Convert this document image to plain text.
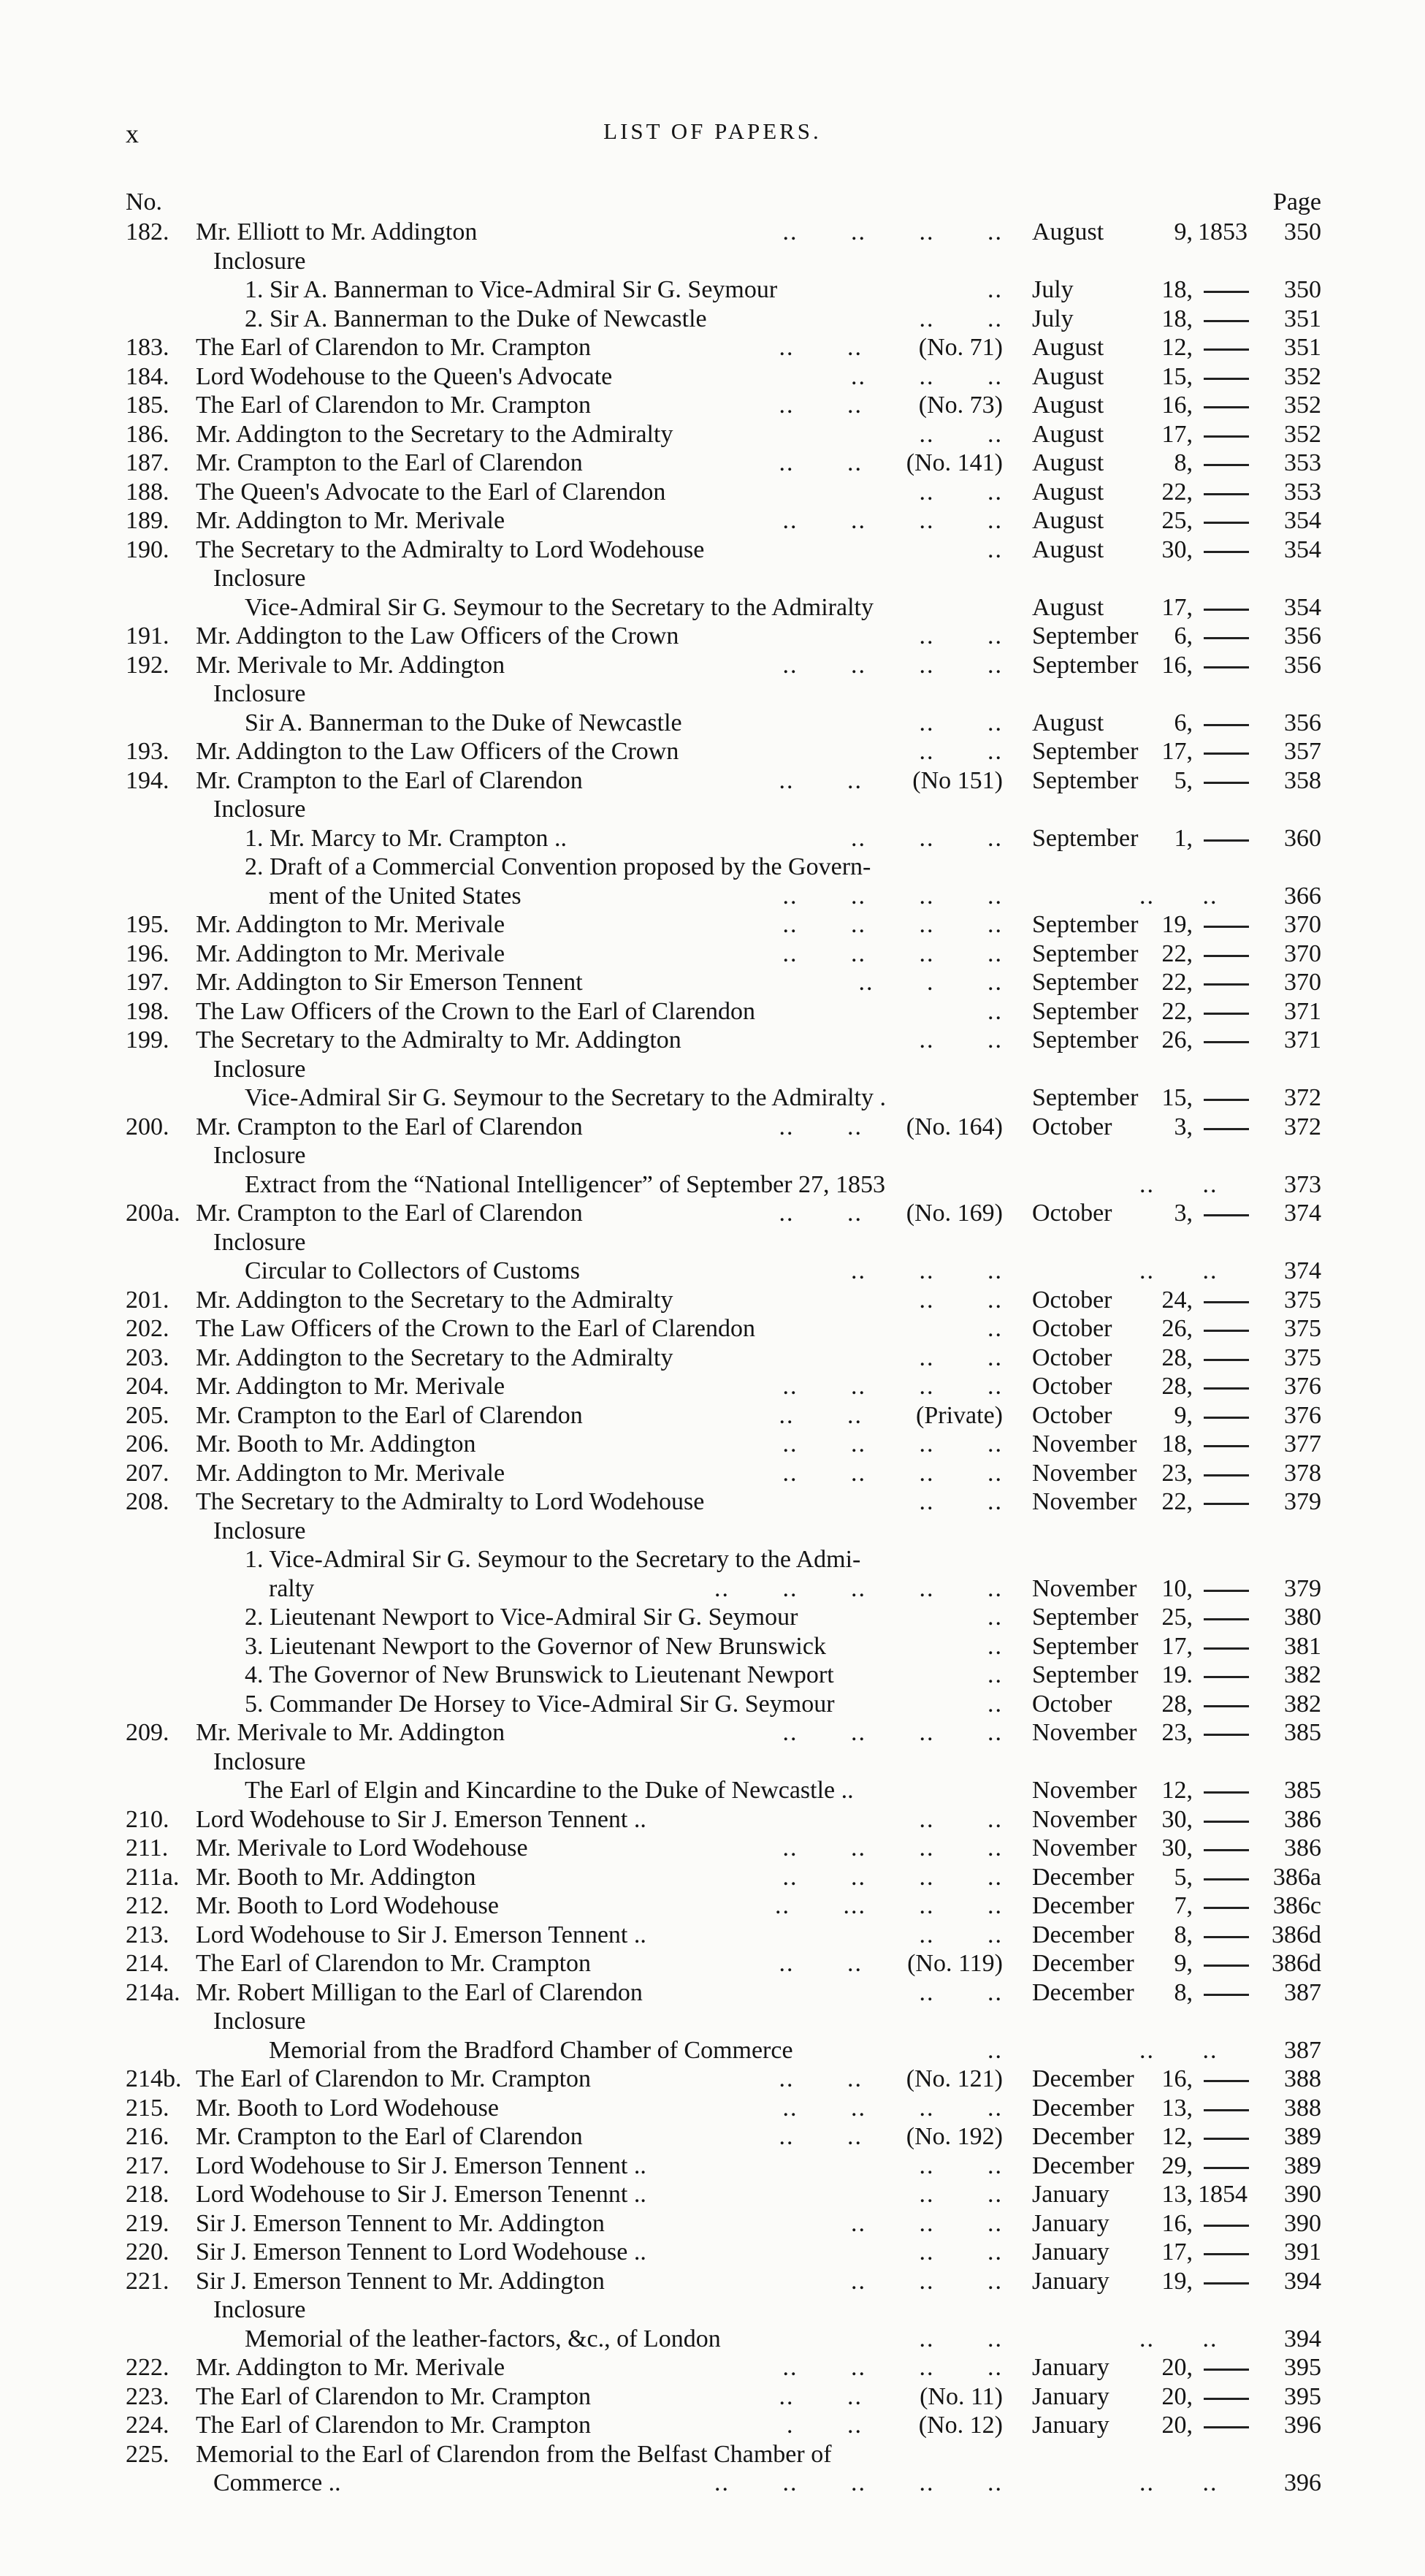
x	LIST OF PAPERS.
No.	Page
182. Mr. Elliott to Mr. Addington	.. .. .. .. August	9, 1853 350
Inclosure
1. Sir A. Bannerman to Vice-Admiral Sir G. Seymour	.. July	18,	350
2. Sir A. Bannerman to the Duke of Newcastle	.. .. July	18,	351
183. The Earl of Clarendon to Mr. Crampton	.. .. (No. 71) August 12,	351
184. Lord Wodehouse to the Queen's Advocate	.. .. .. August 15,	352
185. The Earl of Clarendon to Mr. Crampton	.. .. (No. 73) August 16,	352
186. Mr. Addington to the Secretary to the Admiralty	.. .. August 17,	352
187. Mr. Crampton to the Earl of Clarendon	.. .. (No. 141) August	8,	353
188. The Queen's Advocate to the Earl of Clarendon	.. .. August 22,	353
189. Mr. Addington to Mr. Merivale	.. .. .. .. August 25,	354
190. The Secretary to the Admiralty to Lord Wodehouse	.. August 30,	354
Inclosure
Vice-Admiral Sir G. Seymour to the Secretary to the Admiralty	August 17,	354
191. Mr. Addington to the Law Officers of the Crown	.. .. September 6,	356
192. Mr. Merivale to Mr. Addington	.. .. .. .. September 16,	356
Inclosure
Sir A. Bannerman to the Duke of Newcastle	.. .. August	6,	356
193. Mr. Addington to the Law Officers of the Crown	.. .. September 17,	357
194. Mr. Crampton to the Earl of Clarendon	.. .. (No 151) September 5,	358
Inclosure
1. Mr. Marcy to Mr. Crampton ..	.. .. .. September 1,	360
2. Draft of a Commercial Convention proposed by the Govern-
ment of the United States	.. .. .. ..	.. ..	366
195. Mr. Addington to Mr. Merivale	.. .. .. .. September 19,	370
196. Mr. Addington to Mr. Merivale	.. .. .. .. September 22,	370
197. Mr. Addington to Sir Emerson Tennent	.. . .. September 22,	370
198. The Law Officers of the Crown to the Earl of Clarendon	.. September 22,	371
199. The Secretary to the Admiralty to Mr. Addington	.. .. September 26,	371
Inclosure
Vice-Admiral Sir G. Seymour to the Secretary to the Admiralty .	September 15,	372
200. Mr. Crampton to the Earl of Clarendon	.. .. (No. 164) October 3,	372
Inclosure
Extract from the “National Intelligencer” of September 27, 1853	.. ..	373
200a. Mr. Crampton to the Earl of Clarendon	.. .. (No. 169) October 3,	374
Inclosure
Circular to Collectors of Customs	.. .. ..	.. ..	374
201. Mr. Addington to the Secretary to the Admiralty	.. .. October 24,	375
202. The Law Officers of the Crown to the Earl of Clarendon	.. October 26,	375
203. Mr. Addington to the Secretary to the Admiralty	.. .. October 28,	375
204. Mr. Addington to Mr. Merivale	.. .. .. .. October 28,	376
205. Mr. Crampton to the Earl of Clarendon	.. .. (Private) October 9,	376
206. Mr. Booth to Mr. Addington	.. .. .. .. November 18,	377
207. Mr. Addington to Mr. Merivale	.. .. .. .. November 23,	378
208. The Secretary to the Admiralty to Lord Wodehouse	.. .. November 22,	379
Inclosure
1. Vice-Admiral Sir G. Seymour to the Secretary to the Admi-
ralty	.. .. .. .. .. November 10,	379
2. Lieutenant Newport to Vice-Admiral Sir G. Seymour	.. September 25,	380
3. Lieutenant Newport to the Governor of New Brunswick	.. September 17,	381
4. The Governor of New Brunswick to Lieutenant Newport	.. September 19.	382
5. Commander De Horsey to Vice-Admiral Sir G. Seymour	.. October 28,	382
209. Mr. Merivale to Mr. Addington	.. .. .. .. November 23,	385
Inclosure
The Earl of Elgin and Kincardine to the Duke of Newcastle ..	November 12,	385
210. Lord Wodehouse to Sir J. Emerson Tennent ..	.. .. November 30,	386
211. Mr. Merivale to Lord Wodehouse	.. .. .. .. November 30,	386
211a. Mr. Booth to Mr. Addington	.. .. .. .. December 5,	386a
212. Mr. Booth to Lord Wodehouse	.. ... .. .. December 7,	386c
213. Lord Wodehouse to Sir J. Emerson Tennent ..	.. .. December 8,	386d
214. The Earl of Clarendon to Mr. Crampton	.. .. (No. 119) December 9,	386d
214a. Mr. Robert Milligan to the Earl of Clarendon	.. .. December 8,	387
Inclosure
Memorial from the Bradford Chamber of Commerce	..	.. ..	387
214b. The Earl of Clarendon to Mr. Crampton	.. .. (No. 121) December 16,	388
215. Mr. Booth to Lord Wodehouse	.. .. .. .. December 13,	388
216. Mr. Crampton to the Earl of Clarendon	.. .. (No. 192) December 12,	389
217. Lord Wodehouse to Sir J. Emerson Tennent ..	.. .. December 29,	389
218. Lord Wodehouse to Sir J. Emerson Tenennt ..	.. .. January 13, 1854 390
219. Sir J. Emerson Tennent to Mr. Addington	.. .. .. January 16,	390
220. Sir J. Emerson Tennent to Lord Wodehouse ..	.. .. January 17,	391
221. Sir J. Emerson Tennent to Mr. Addington	.. .. .. January 19,	394
Inclosure
Memorial of the leather-factors, &c., of London	.. ..	.. ..	394
222. Mr. Addington to Mr. Merivale	.. .. .. .. January 20,	395
223. The Earl of Clarendon to Mr. Crampton	.. .. (No. 11) January 20,	395
224. The Earl of Clarendon to Mr. Crampton	. .. (No. 12) January 20,	396
225. Memorial to the Earl of Clarendon from the Belfast Chamber of
Commerce ..	.. .. .. .. ..	.. ..	396
